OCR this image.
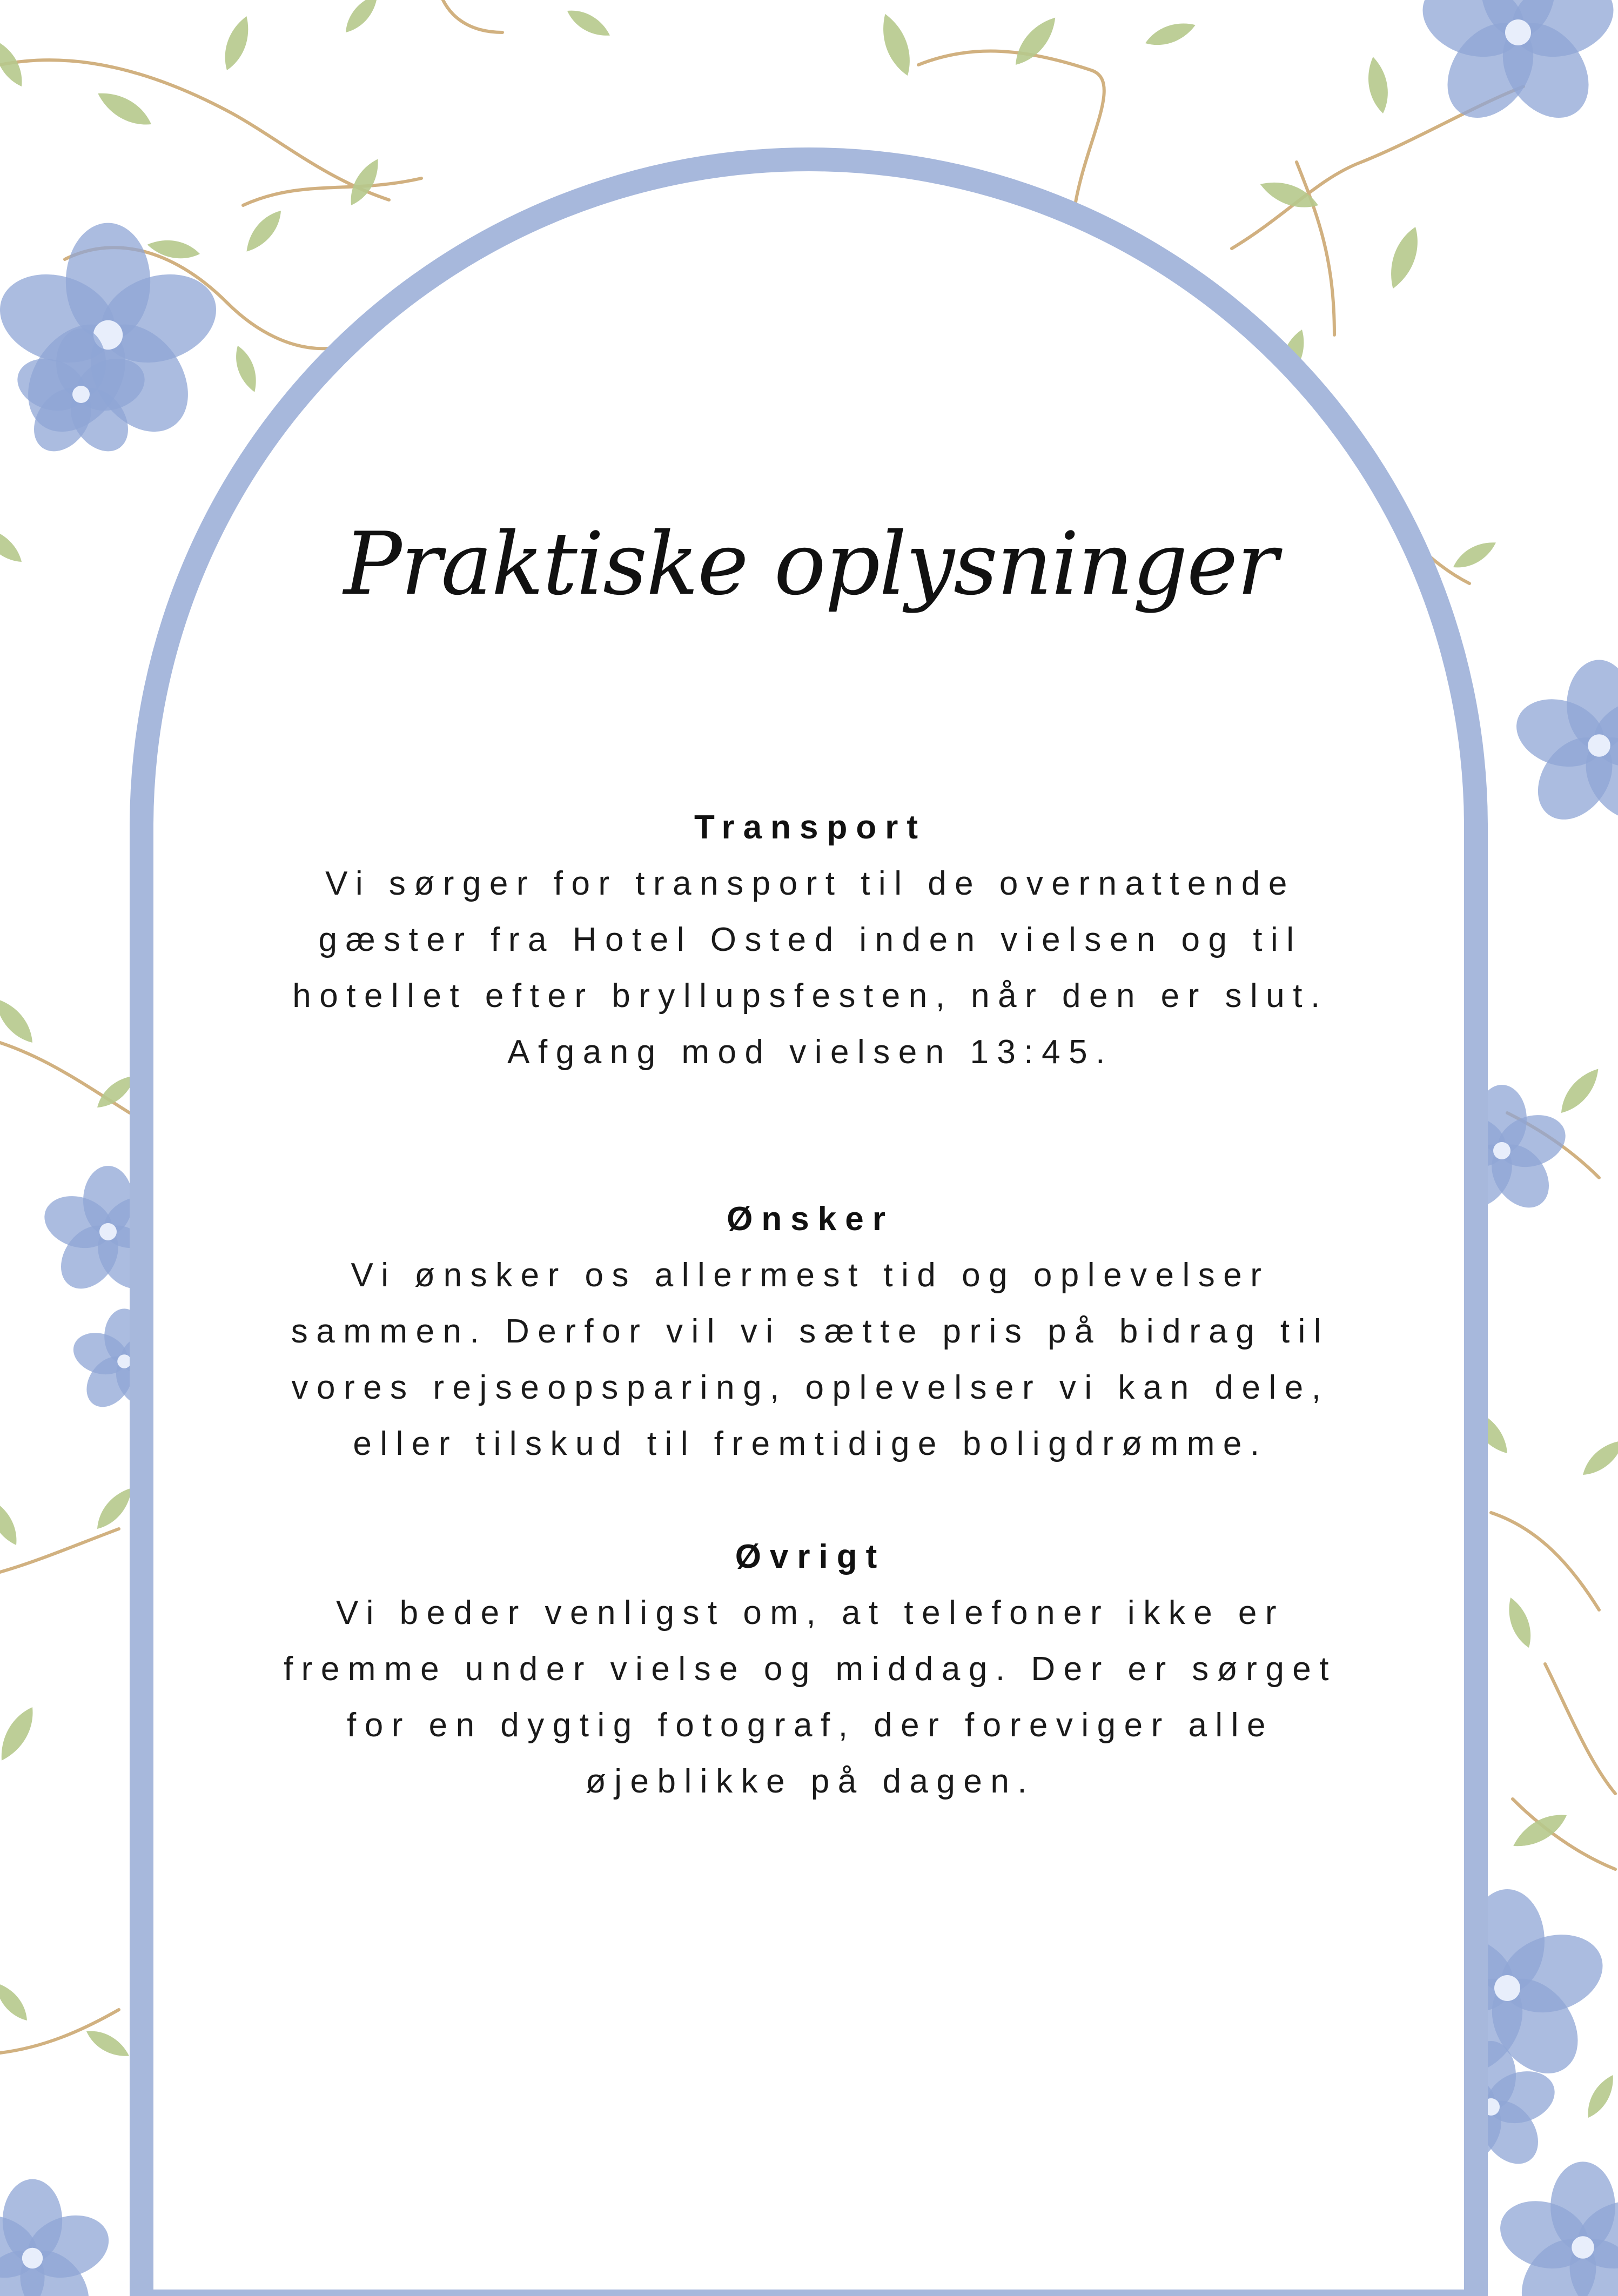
Praktiske oplysninger
Transport
Vi sørger for transport til de overnattende
gæster fra Hotel Osted inden vielsen og til
hotellet efter bryllupsfesten, når den er slut.
Afgang mod vielsen 13:45.
Ønsker
Vi ønsker os allermest tid og oplevelser
sammen. Derfor vil vi sætte pris på bidrag til
vores rejseopsparing, oplevelser vi kan dele,
eller tilskud til fremtidige boligdrømme.
Øvrigt
Vi beder venligst om, at telefoner ikke er
fremme under vielse og middag. Der er sørget
for en dygtig fotograf, der foreviger alle
øjeblikke på dagen.
